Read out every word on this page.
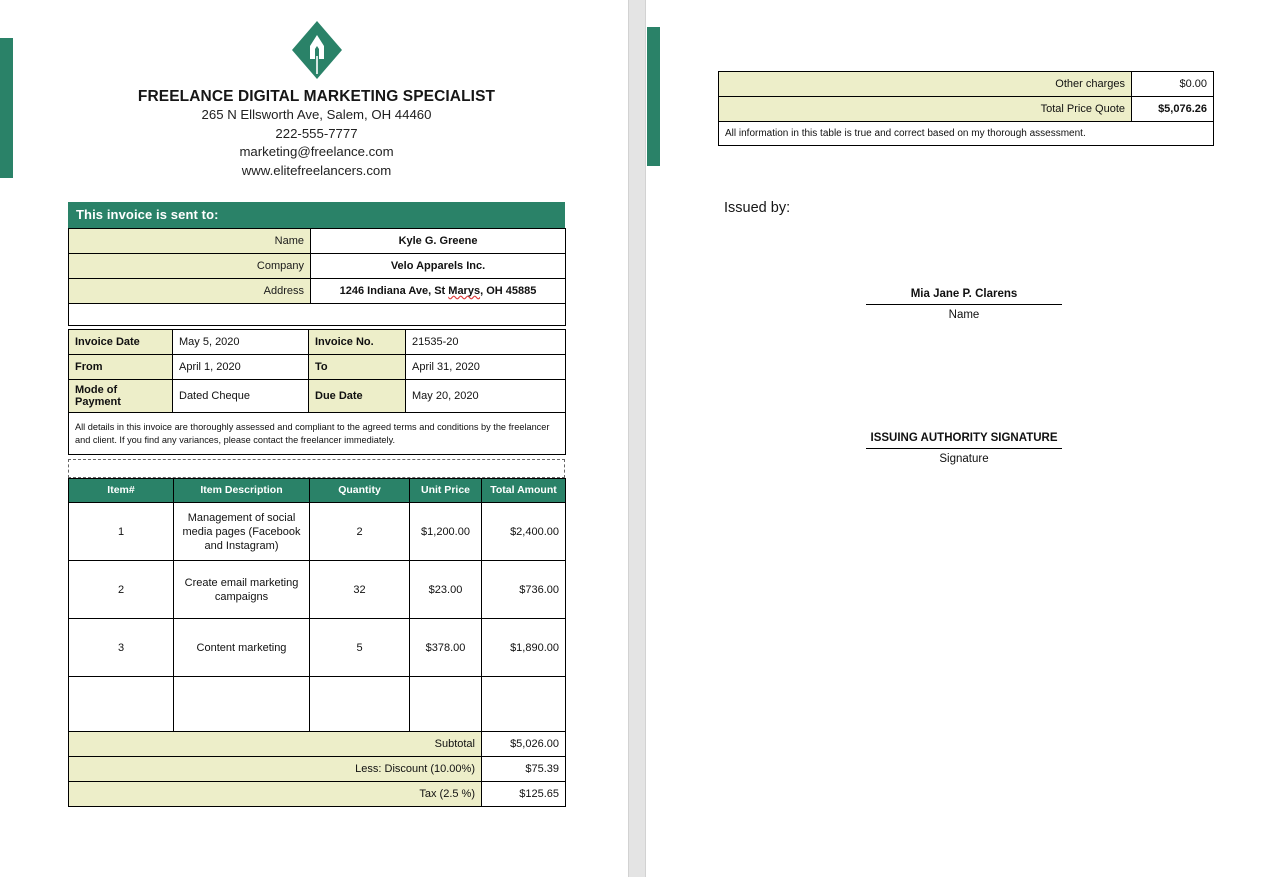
FREELANCE DIGITAL MARKETING SPECIALIST
265 N Ellsworth Ave, Salem, OH 44460
222-555-7777
marketing@freelance.com
www.elitefreelancers.com
This invoice is sent to:
Name	Kyle G. Greene
Company	Velo Apparels Inc.
Address	1246 Indiana Ave, St Marys, OH 45885

Invoice Date	May 5, 2020	Invoice No.	21535-20
From	April 1, 2020	To	April 31, 2020
Mode of Payment	Dated Cheque	Due Date	May 20, 2020
All details in this invoice are thoroughly assessed and compliant to the agreed terms and conditions by the freelancer and client. If you find any variances, please contact the freelancer immediately.			
Item#	Item Description	Quantity	Unit Price	Total Amount
1	Management of social media pages (Facebook and Instagram)	2	$1,200.00	$2,400.00
2	Create email marketing campaigns	32	$23.00	$736.00
3	Content marketing	5	$378.00	$1,890.00

Subtotal				$5,026.00
Less: Discount (10.00%)				$75.39
Tax (2.5 %)				$125.65
Other charges	$0.00
Total Price Quote	$5,076.26
All information in this table is true and correct based on my thorough assessment.	
Issued by:
Mia Jane P. Clarens
Name
ISSUING AUTHORITY SIGNATURE
Signature
